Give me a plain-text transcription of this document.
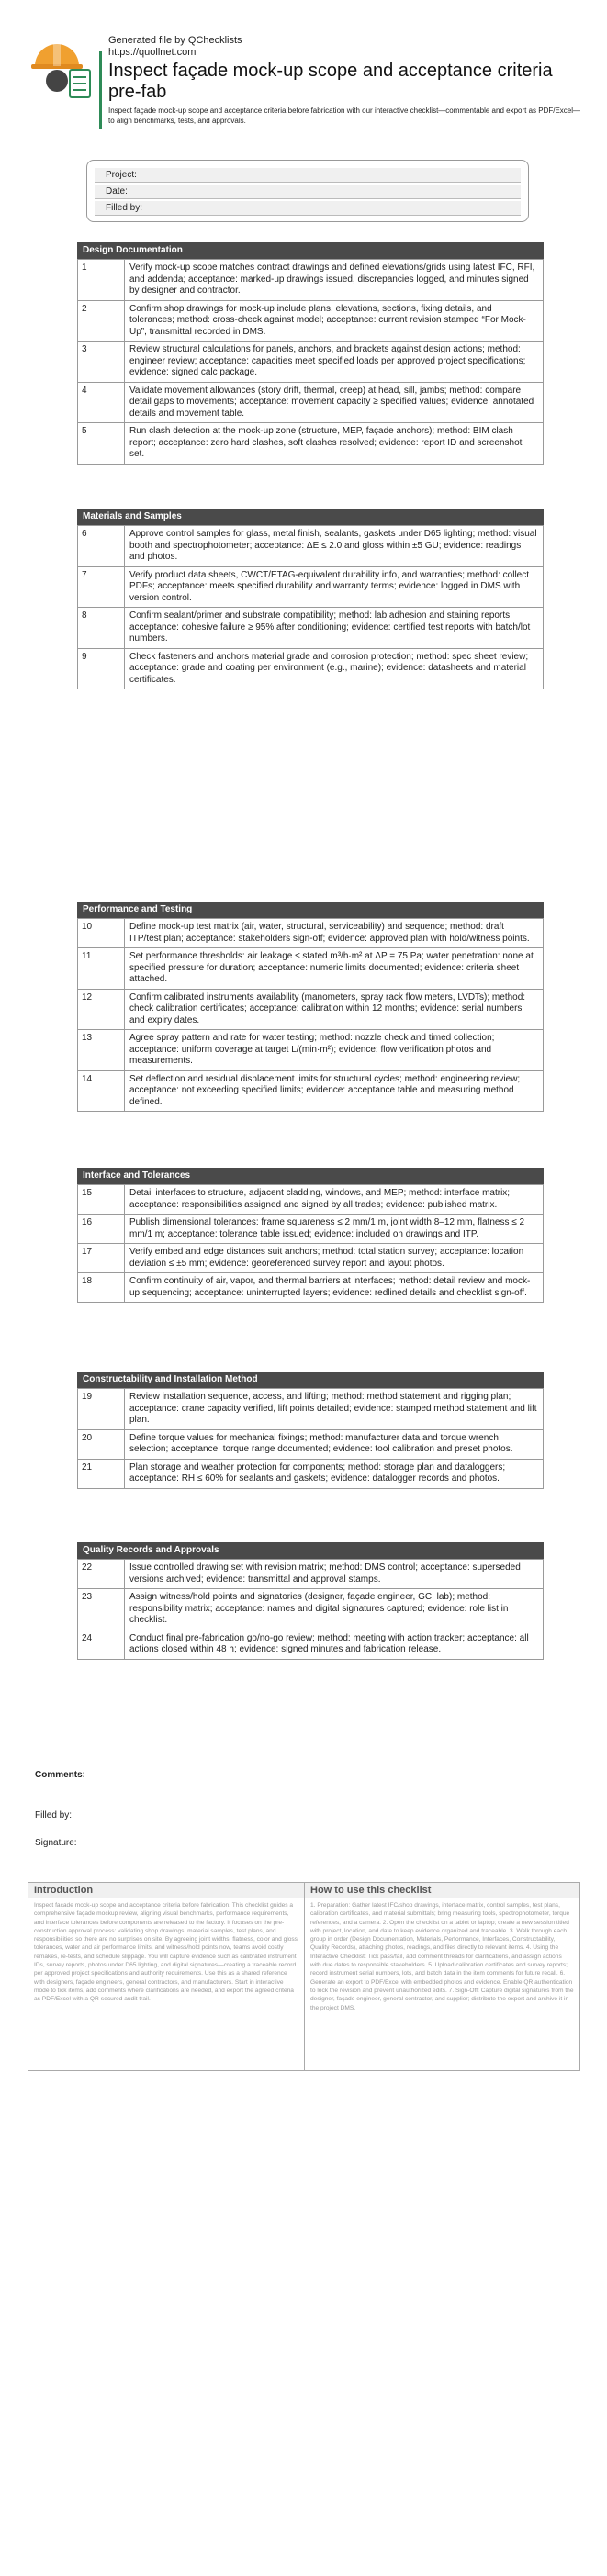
Generated file by QChecklists
https://quollnet.com
Inspect façade mock-up scope and acceptance criteria pre-fab
Inspect façade mock-up scope and acceptance criteria before fabrication with our interactive checklist—commentable and export as PDF/Excel—to align benchmarks, tests, and approvals.
Project:
Date:
Filled by:
Design Documentation
1	Verify mock-up scope matches contract drawings and defined elevations/grids using latest IFC, RFI, and addenda; acceptance: marked-up drawings issued, discrepancies logged, and minutes signed by designer and contractor.
2	Confirm shop drawings for mock-up include plans, elevations, sections, fixing details, and tolerances; method: cross-check against model; acceptance: current revision stamped “For Mock-Up”, transmittal recorded in DMS.
3	Review structural calculations for panels, anchors, and brackets against design actions; method: engineer review; acceptance: capacities meet specified loads per approved project specifications; evidence: signed calc package.
4	Validate movement allowances (story drift, thermal, creep) at head, sill, jambs; method: compare detail gaps to movements; acceptance: movement capacity ≥ specified values; evidence: annotated details and movement table.
5	Run clash detection at the mock-up zone (structure, MEP, façade anchors); method: BIM clash report; acceptance: zero hard clashes, soft clashes resolved; evidence: report ID and screenshot set.
Materials and Samples
6	Approve control samples for glass, metal finish, sealants, gaskets under D65 lighting; method: visual booth and spectrophotometer; acceptance: ΔE ≤ 2.0 and gloss within ±5 GU; evidence: readings and photos.
7	Verify product data sheets, CWCT/ETAG-equivalent durability info, and warranties; method: collect PDFs; acceptance: meets specified durability and warranty terms; evidence: logged in DMS with version control.
8	Confirm sealant/primer and substrate compatibility; method: lab adhesion and staining reports; acceptance: cohesive failure ≥ 95% after conditioning; evidence: certified test reports with batch/lot numbers.
9	Check fasteners and anchors material grade and corrosion protection; method: spec sheet review; acceptance: grade and coating per environment (e.g., marine); evidence: datasheets and material certificates.
Performance and Testing
10	Define mock-up test matrix (air, water, structural, serviceability) and sequence; method: draft ITP/test plan; acceptance: stakeholders sign-off; evidence: approved plan with hold/witness points.
11	Set performance thresholds: air leakage ≤ stated m³/h·m² at ΔP = 75 Pa; water penetration: none at specified pressure for duration; acceptance: numeric limits documented; evidence: criteria sheet attached.
12	Confirm calibrated instruments availability (manometers, spray rack flow meters, LVDTs); method: check calibration certificates; acceptance: calibration within 12 months; evidence: serial numbers and expiry dates.
13	Agree spray pattern and rate for water testing; method: nozzle check and timed collection; acceptance: uniform coverage at target L/(min·m²); evidence: flow verification photos and measurements.
14	Set deflection and residual displacement limits for structural cycles; method: engineering review; acceptance: not exceeding specified limits; evidence: acceptance table and measuring method defined.
Interface and Tolerances
15	Detail interfaces to structure, adjacent cladding, windows, and MEP; method: interface matrix; acceptance: responsibilities assigned and signed by all trades; evidence: published matrix.
16	Publish dimensional tolerances: frame squareness ≤ 2 mm/1 m, joint width 8–12 mm, flatness ≤ 2 mm/1 m; acceptance: tolerance table issued; evidence: included on drawings and ITP.
17	Verify embed and edge distances suit anchors; method: total station survey; acceptance: location deviation ≤ ±5 mm; evidence: georeferenced survey report and layout photos.
18	Confirm continuity of air, vapor, and thermal barriers at interfaces; method: detail review and mock-up sequencing; acceptance: uninterrupted layers; evidence: redlined details and checklist sign-off.
Constructability and Installation Method
19	Review installation sequence, access, and lifting; method: method statement and rigging plan; acceptance: crane capacity verified, lift points detailed; evidence: stamped method statement and lift plan.
20	Define torque values for mechanical fixings; method: manufacturer data and torque wrench selection; acceptance: torque range documented; evidence: tool calibration and preset photos.
21	Plan storage and weather protection for components; method: storage plan and dataloggers; acceptance: RH ≤ 60% for sealants and gaskets; evidence: datalogger records and photos.
Quality Records and Approvals
22	Issue controlled drawing set with revision matrix; method: DMS control; acceptance: superseded versions archived; evidence: transmittal and approval stamps.
23	Assign witness/hold points and signatories (designer, façade engineer, GC, lab); method: responsibility matrix; acceptance: names and digital signatures captured; evidence: role list in checklist.
24	Conduct final pre-fabrication go/no-go review; method: meeting with action tracker; acceptance: all actions closed within 48 h; evidence: signed minutes and fabrication release.
Comments:
Filled by:
Signature:
Introduction
Inspect façade mock-up scope and acceptance criteria before fabrication. This checklist guides a comprehensive façade mockup review, aligning visual benchmarks, performance requirements, and interface tolerances before components are released to the factory. It focuses on the pre-construction approval process: validating shop drawings, material samples, test plans, and responsibilities so there are no surprises on site. By agreeing joint widths, flatness, color and gloss tolerances, water and air performance limits, and witness/hold points now, teams avoid costly remakes, re-tests, and schedule slippage. You will capture evidence such as calibrated instrument IDs, survey reports, photos under D65 lighting, and digital signatures—creating a traceable record per approved project specifications and authority requirements. Use this as a shared reference with designers, façade engineers, general contractors, and manufacturers. Start in interactive mode to tick items, add comments where clarifications are needed, and export the agreed criteria as PDF/Excel with a QR-secured audit trail.
How to use this checklist
1. Preparation: Gather latest IFC/shop drawings, interface matrix, control samples, test plans, calibration certificates, and material submittals; bring measuring tools, spectrophotometer, torque references, and a camera. 2. Open the checklist on a tablet or laptop; create a new session titled with project, location, and date to keep evidence organized and traceable. 3. Walk through each group in order (Design Documentation, Materials, Performance, Interfaces, Constructability, Quality Records), attaching photos, readings, and files directly to relevant items. 4. Using the Interactive Checklist: Tick pass/fail, add comment threads for clarifications, and assign actions with due dates to responsible stakeholders. 5. Upload calibration certificates and survey reports; record instrument serial numbers, lots, and batch data in the item comments for future recall. 6. Generate an export to PDF/Excel with embedded photos and evidence. Enable QR authentication to lock the revision and prevent unauthorized edits. 7. Sign-Off: Capture digital signatures from the designer, façade engineer, general contractor, and supplier; distribute the export and archive it in the project DMS.
